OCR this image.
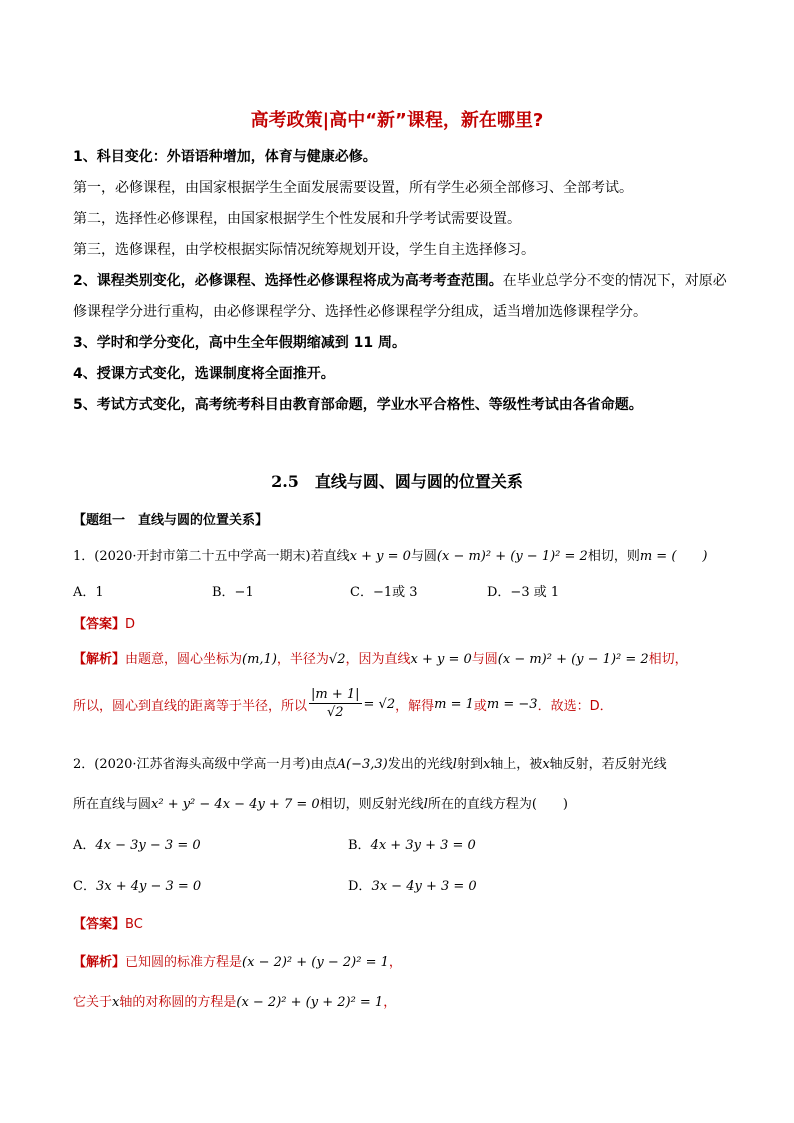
高考政策|高中“新”课程，新在哪里?
1、科目变化：外语语种增加，体育与健康必修。
第一，必修课程，由国家根据学生全面发展需要设置，所有学生必须全部修习、全部考试。
第二，选择性必修课程，由国家根据学生个性发展和升学考试需要设置。
第三，选修课程，由学校根据实际情况统筹规划开设，学生自主选择修习。
2、课程类别变化，必修课程、选择性必修课程将成为高考考查范围。在毕业总学分不变的情况下，对原必
修课程学分进行重构，由必修课程学分、选择性必修课程学分组成，适当增加选修课程学分。
3、学时和学分变化，高中生全年假期缩减到 11 周。
4、授课方式变化，选课制度将全面推开。
5、考试方式变化，高考统考科目由教育部命题，学业水平合格性、等级性考试由各省命题。
2.5　直线与圆、圆与圆的位置关系
【题组一　直线与圆的位置关系】
1．(2020·开封市第二十五中学高一期末)若直线x + y = 0与圆(x − m)² + (y − 1)² = 2相切，则m = (　　)
A．1	B．−1	C．−1或 3	D．−3 或 1
【答案】D
【解析】由题意，圆心坐标为(m,1)，半径为√2，因为直线x + y = 0与圆(x − m)² + (y − 1)² = 2相切，
所以，圆心到直线的距离等于半径，所以 $\frac{|m + 1|}{√2} = √2$，解得m = 1或m = −3．故选：D．
2．(2020·江苏省海头高级中学高一月考)由点A(−3,3)发出的光线l射到x轴上，被x轴反射，若反射光线
所在直线与圆x² + y² − 4x − 4y + 7 = 0相切，则反射光线l所在的直线方程为(　　)
A．4x − 3y − 3 = 0	B．4x + 3y + 3 = 0
C．3x + 4y − 3 = 0	D．3x − 4y + 3 = 0
【答案】BC
【解析】已知圆的标准方程是(x − 2)² + (y − 2)² = 1，
它关于x轴的对称圆的方程是(x − 2)² + (y + 2)² = 1，
